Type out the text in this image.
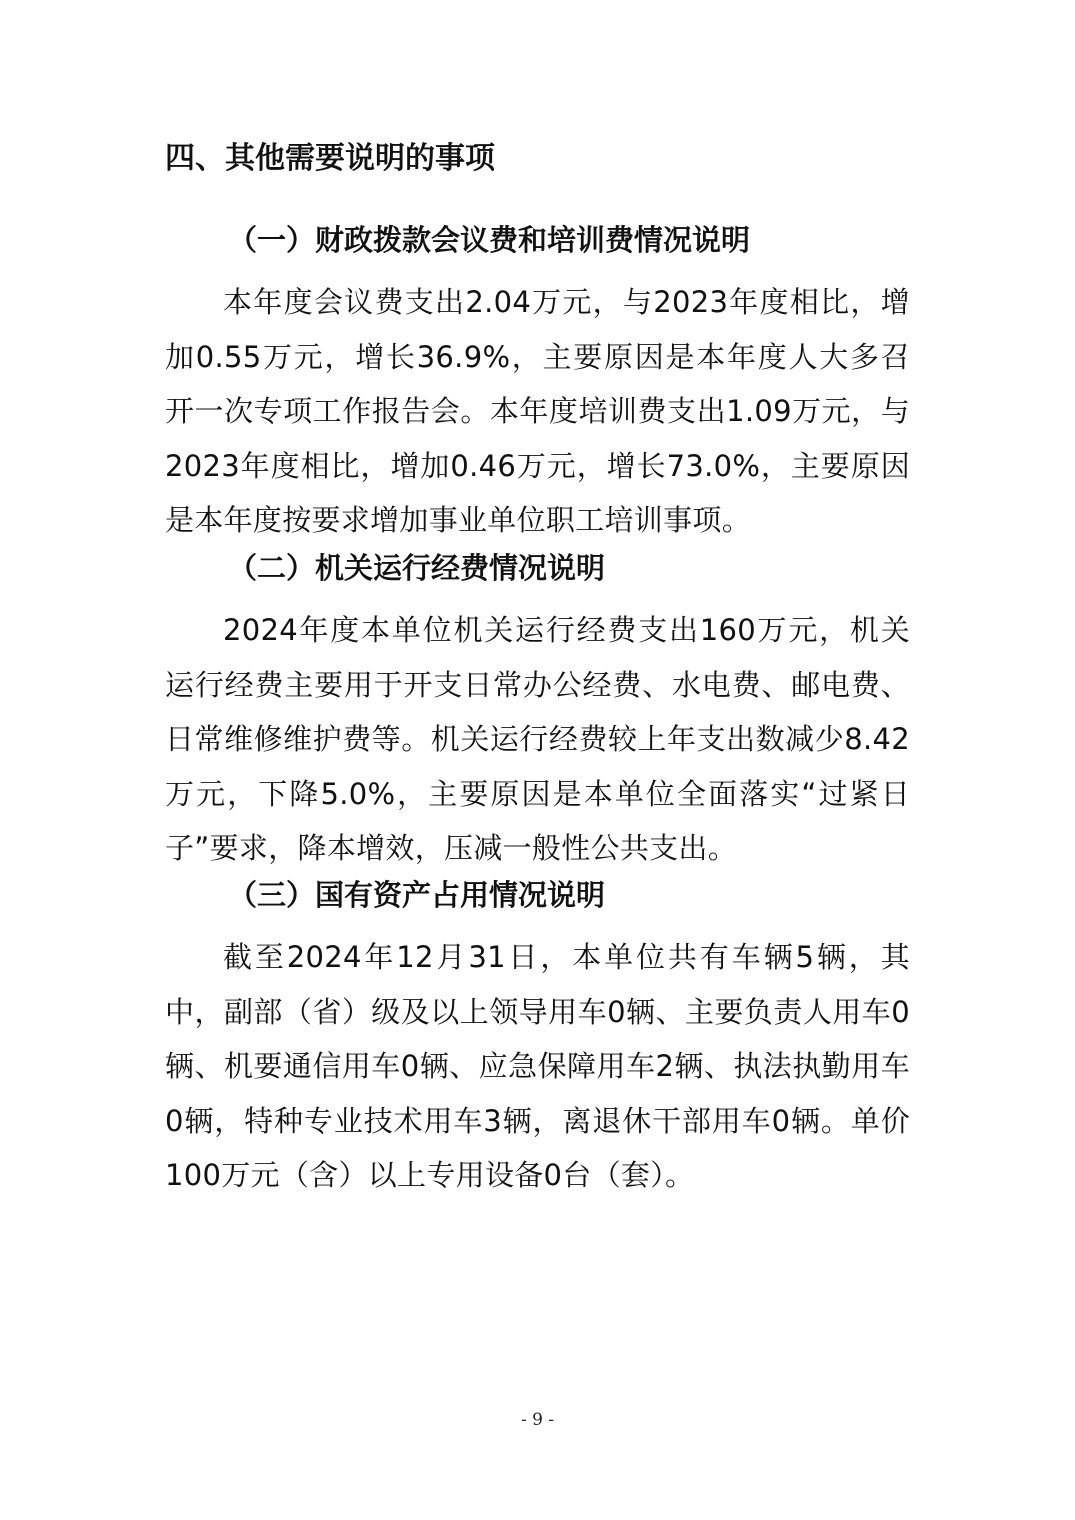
四、其他需要说明的事项
（一）财政拨款会议费和培训费情况说明

本年度会议费支出2.04万元，与2023年度相比，增加0.55万元，增长36.9%，主要原因是本年度人大多召开一次专项工作报告会。本年度培训费支出1.09万元，与2023年度相比，增加0.46万元，增长73.0%，主要原因是本年度按要求增加事业单位职工培训事项。

（二）机关运行经费情况说明

2024年度本单位机关运行经费支出160万元，机关运行经费主要用于开支日常办公经费、水电费、邮电费、日常维修维护费等。机关运行经费较上年支出数减少8.42万元，下降5.0%，主要原因是本单位全面落实“过紧日子”要求，降本增效，压减一般性公共支出。

（三）国有资产占用情况说明

截至2024年12月31日，本单位共有车辆5辆，其中，副部（省）级及以上领导用车0辆、主要负责人用车0辆、机要通信用车0辆、应急保障用车2辆、执法执勤用车0辆，特种专业技术用车3辆，离退休干部用车0辆。单价100万元（含）以上专用设备0台（套）。

- 9 -
